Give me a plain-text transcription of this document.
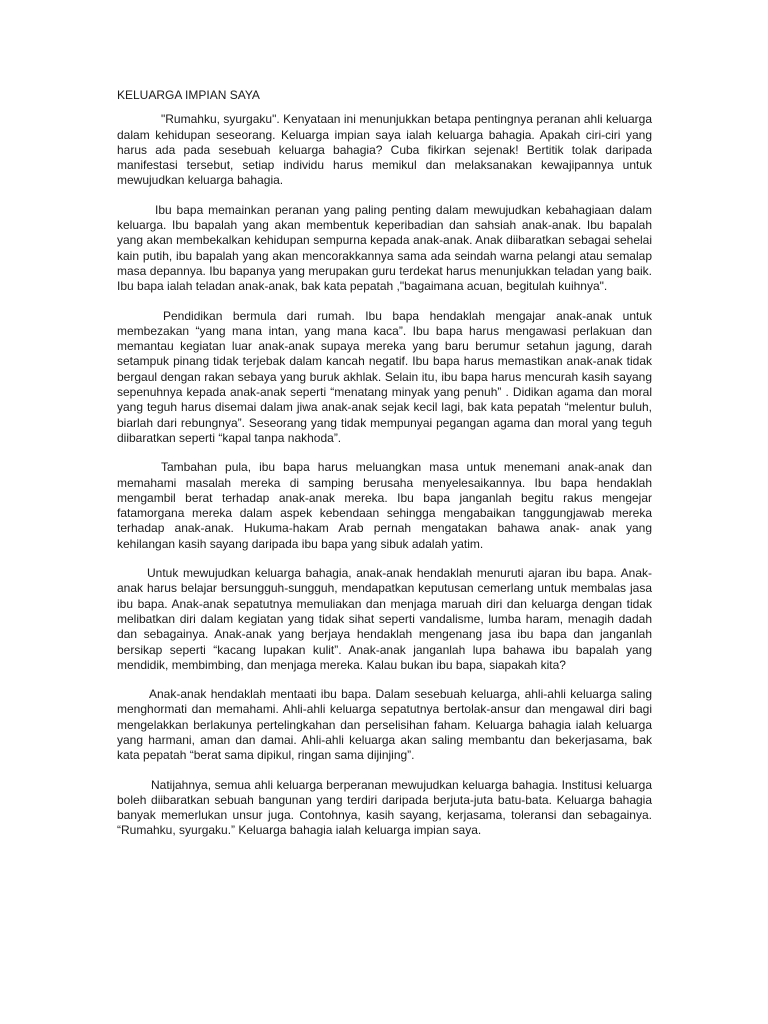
KELUARGA IMPIAN SAYA

"Rumahku, syurgaku". Kenyataan ini menunjukkan betapa pentingnya peranan ahli keluarga dalam kehidupan seseorang. Keluarga impian saya ialah keluarga bahagia. Apakah ciri-ciri yang harus ada pada sesebuah keluarga bahagia? Cuba fikirkan sejenak! Bertitik tolak daripada manifestasi tersebut, setiap individu harus memikul dan melaksanakan kewajipannya untuk mewujudkan keluarga bahagia.

Ibu bapa memainkan peranan yang paling penting dalam mewujudkan kebahagiaan dalam keluarga. Ibu bapalah yang akan membentuk keperibadian dan sahsiah anak-anak. Ibu bapalah yang akan membekalkan kehidupan sempurna kepada anak-anak. Anak diibaratkan sebagai sehelai kain putih, ibu bapalah yang akan mencorakkannya sama ada seindah warna pelangi atau semalap masa depannya. Ibu bapanya yang merupakan guru terdekat harus menunjukkan teladan yang baik. Ibu bapa ialah teladan anak-anak, bak kata pepatah ,"bagaimana acuan, begitulah kuihnya".

Pendidikan bermula dari rumah. Ibu bapa hendaklah mengajar anak-anak untuk membezakan “yang mana intan, yang mana kaca”. Ibu bapa harus mengawasi perlakuan dan memantau kegiatan luar anak-anak supaya mereka yang baru berumur setahun jagung, darah setampuk pinang tidak terjebak dalam kancah negatif. Ibu bapa harus memastikan anak-anak tidak bergaul dengan rakan sebaya yang buruk akhlak. Selain itu, ibu bapa harus mencurah kasih sayang sepenuhnya kepada anak-anak seperti “menatang minyak yang penuh” . Didikan agama dan moral yang teguh harus disemai dalam jiwa anak-anak sejak kecil lagi, bak kata pepatah “melentur buluh, biarlah dari rebungnya”. Seseorang yang tidak mempunyai pegangan agama dan moral yang teguh diibaratkan seperti “kapal tanpa nakhoda”.

Tambahan pula, ibu bapa harus meluangkan masa untuk menemani anak-anak dan memahami masalah mereka di samping berusaha menyelesaikannya. Ibu bapa hendaklah mengambil berat terhadap anak-anak mereka. Ibu bapa janganlah begitu rakus mengejar fatamorgana mereka dalam aspek kebendaan sehingga mengabaikan tanggungjawab mereka terhadap anak-anak. Hukuma-hakam Arab pernah mengatakan bahawa anak- anak yang kehilangan kasih sayang daripada ibu bapa yang sibuk adalah yatim.

Untuk mewujudkan keluarga bahagia, anak-anak hendaklah menuruti ajaran ibu bapa. Anak-anak harus belajar bersungguh-sungguh, mendapatkan keputusan cemerlang untuk membalas jasa ibu bapa. Anak-anak sepatutnya memuliakan dan menjaga maruah diri dan keluarga dengan tidak melibatkan diri dalam kegiatan yang tidak sihat seperti vandalisme, lumba haram, menagih dadah dan sebagainya. Anak-anak yang berjaya hendaklah mengenang jasa ibu bapa dan janganlah bersikap seperti “kacang lupakan kulit”. Anak-anak janganlah lupa bahawa ibu bapalah yang mendidik, membimbing, dan menjaga mereka. Kalau bukan ibu bapa, siapakah kita?

Anak-anak hendaklah mentaati ibu bapa. Dalam sesebuah keluarga, ahli-ahli keluarga saling menghormati dan memahami. Ahli-ahli keluarga sepatutnya bertolak-ansur dan mengawal diri bagi mengelakkan berlakunya pertelingkahan dan perselisihan faham. Keluarga bahagia ialah keluarga yang harmani, aman dan damai. Ahli-ahli keluarga akan saling membantu dan bekerjasama, bak kata pepatah “berat sama dipikul, ringan sama dijinjing”.

Natijahnya, semua ahli keluarga berperanan mewujudkan keluarga bahagia. Institusi keluarga boleh diibaratkan sebuah bangunan yang terdiri daripada berjuta-juta batu-bata. Keluarga bahagia banyak memerlukan unsur juga. Contohnya, kasih sayang, kerjasama, toleransi dan sebagainya. “Rumahku, syurgaku.” Keluarga bahagia ialah keluarga impian saya.
